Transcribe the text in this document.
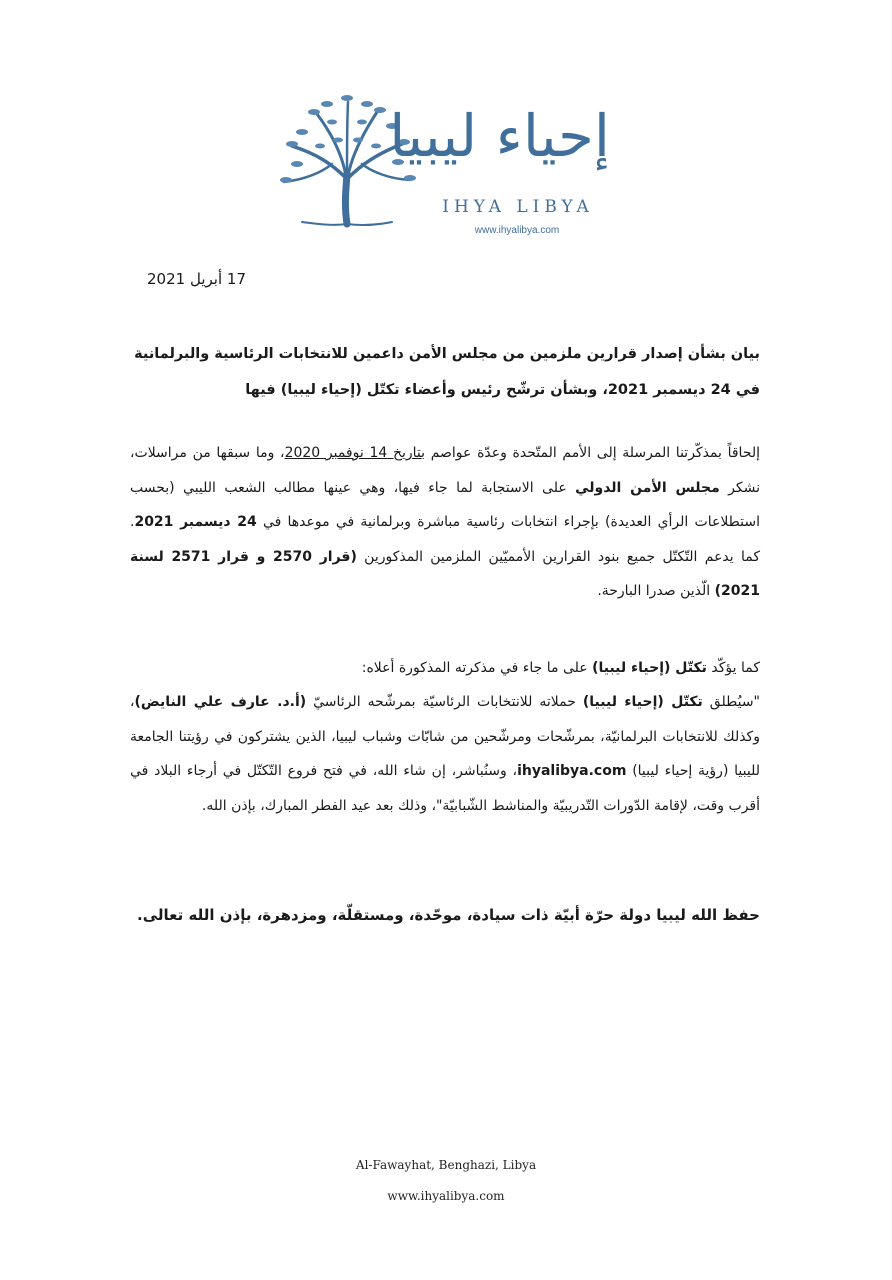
إحياء ليبيا
IHYA LIBYA
www.ihyalibya.com
17 أبريل 2021
بيان بشأن إصدار قرارين ملزمين من مجلس الأمن داعمين للانتخابات الرئاسية والبرلمانية في 24 ديسمبر 2021، وبشأن ترشّح رئيس وأعضاء تكتّل (إحياء ليبيا) فيها
إلحاقاً بمذكّرتنا المرسلة إلى الأمم المتّحدة وعدّة عواصم بتاريخ 14 نوفمبر 2020، وما سبقها من مراسلات، نشكر مجلس الأمن الدولي على الاستجابة لما جاء فيها، وهي عينها مطالب الشعب الليبي (بحسب استطلاعات الرأي العديدة) بإجراء انتخابات رئاسية مباشرة وبرلمانية في موعدها في 24 ديسمبر 2021. كما يدعم التّكتّل جميع بنود القرارين الأمميّين الملزمين المذكورين (قرار 2570 و قرار 2571 لسنة 2021) الّذين صدرا البارحة.
كما يؤكّد تكتّل (إحياء ليبيا) على ما جاء في مذكرته المذكورة أعلاه:
"سيُطلق تكتّل (إحياء ليبيا) حملاته للانتخابات الرئاسيّة بمرشّحه الرئاسيّ (أ.د. عارف علي النايض)، وكذلك للانتخابات البرلمانيّة، بمرشّحات ومرشّحين من شابّات وشباب ليبيا، الذين يشتركون في رؤيتنا الجامعة لليبيا (رؤية إحياء ليبيا) ihyalibya.com، وسنُباشر، إن شاء الله، في فتح فروع التّكتّل في أرجاء البلاد في أقرب وقت، لإقامة الدّورات التّدريبيّة والمناشط الشّبابيّة"، وذلك بعد عيد الفطر المبارك، بإذن الله.
حفظ الله ليبيا دولة حرّة أبيّة ذات سيادة، موحّدة، ومستقلّة، ومزدهرة، بإذن الله تعالى.
Al-Fawayhat, Benghazi, Libya
www.ihyalibya.com
